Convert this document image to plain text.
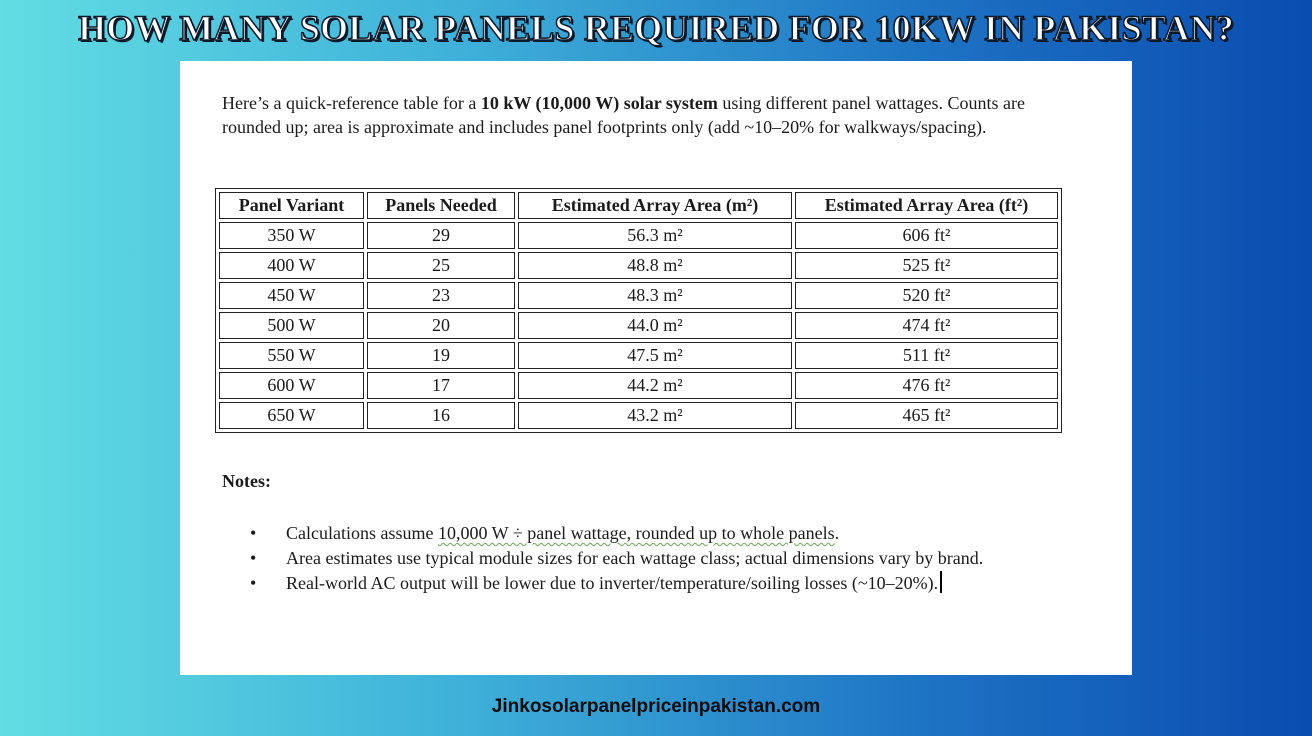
HOW MANY SOLAR PANELS REQUIRED FOR 10KW IN PAKISTAN?

Here’s a quick-reference table for a 10 kW (10,000 W) solar system using different panel wattages. Counts are rounded up; area is approximate and includes panel footprints only (add ~10–20% for walkways/spacing).

Panel Variant	Panels Needed	Estimated Array Area (m²)	Estimated Array Area (ft²)
350 W	29	56.3 m²	606 ft²
400 W	25	48.8 m²	525 ft²
450 W	23	48.3 m²	520 ft²
500 W	20	44.0 m²	474 ft²
550 W	19	47.5 m²	511 ft²
600 W	17	44.2 m²	476 ft²
650 W	16	43.2 m²	465 ft²
Notes:
• Calculations assume 10,000 W ÷ panel wattage, rounded up to whole panels.
• Area estimates use typical module sizes for each wattage class; actual dimensions vary by brand.
• Real-world AC output will be lower due to inverter/temperature/soiling losses (~10–20%).
Jinkosolarpanelpriceinpakistan.com
